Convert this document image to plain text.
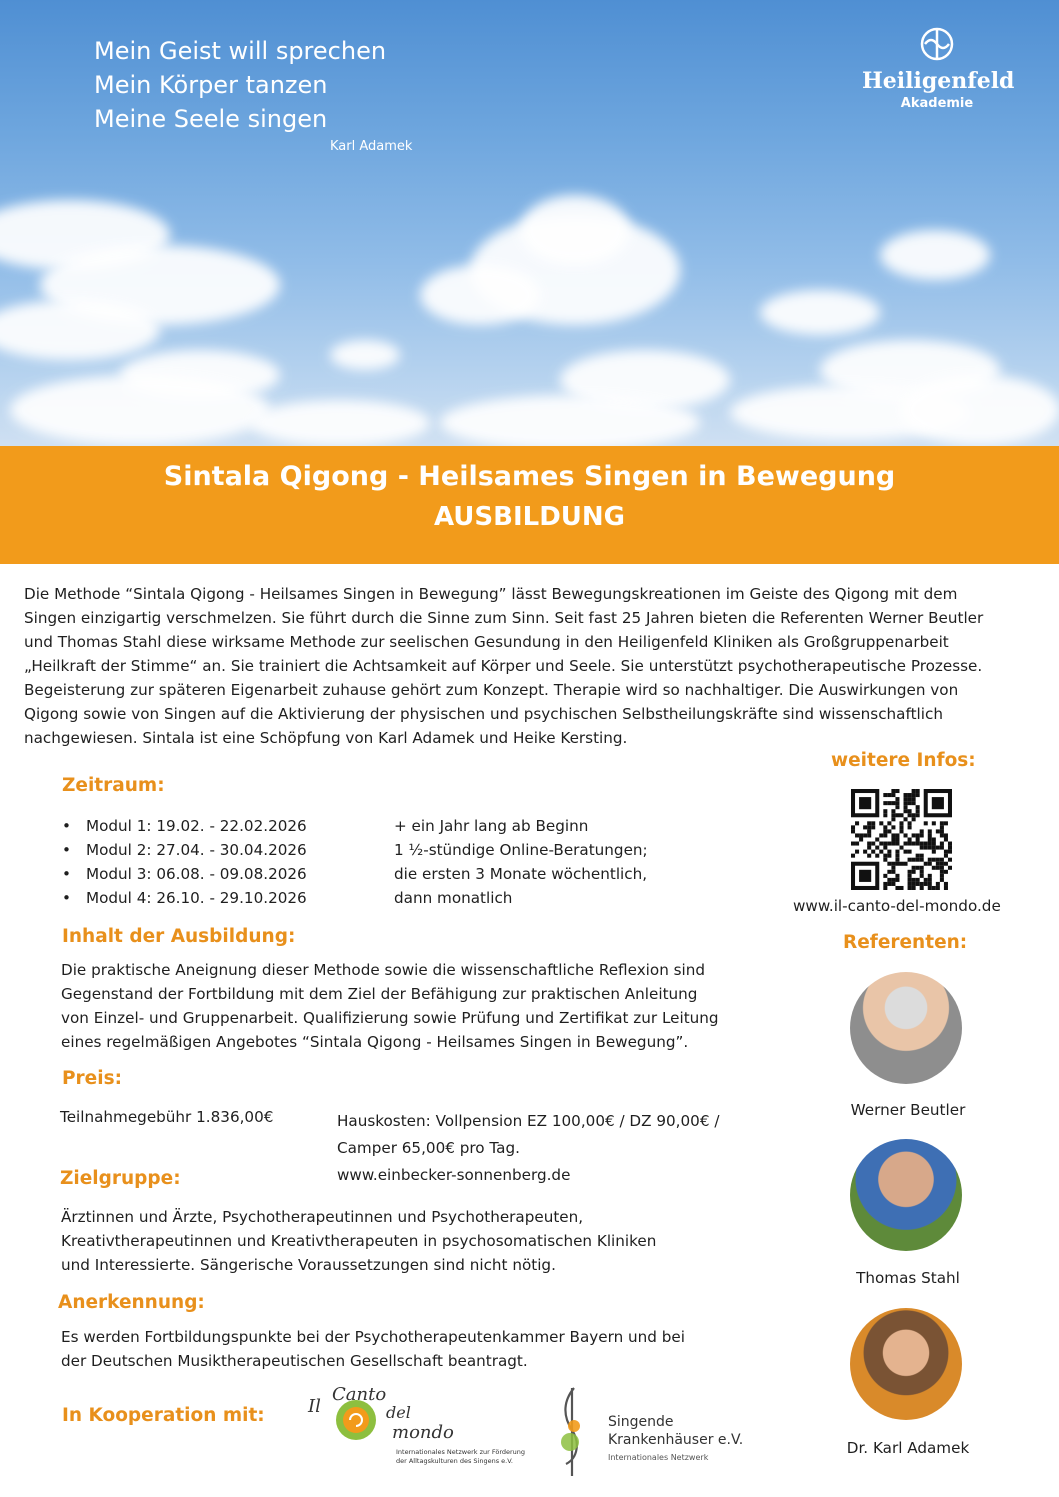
Mein Geist will sprechen
Mein Körper tanzen
Meine Seele singen
Karl Adamek
Heiligenfeld
Akademie
Sintala Qigong - Heilsames Singen in Bewegung
AUSBILDUNG
Die Methode “Sintala Qigong - Heilsames Singen in Bewegung” lässt Bewegungskreationen im Geiste des Qigong mit dem
Singen einzigartig verschmelzen. Sie führt durch die Sinne zum Sinn. Seit fast 25 Jahren bieten die Referenten Werner Beutler
und Thomas Stahl diese wirksame Methode zur seelischen Gesundung in den Heiligenfeld Kliniken als Großgruppenarbeit
„Heilkraft der Stimme“ an. Sie trainiert die Achtsamkeit auf Körper und Seele. Sie unterstützt psychotherapeutische Prozesse.
Begeisterung zur späteren Eigenarbeit zuhause gehört zum Konzept. Therapie wird so nachhaltiger. Die Auswirkungen von
Qigong sowie von Singen auf die Aktivierung der physischen und psychischen Selbstheilungskräfte sind wissenschaftlich
nachgewiesen. Sintala ist eine Schöpfung von Karl Adamek und Heike Kersting.
Zeitraum:
• Modul 1: 19.02. - 22.02.2026
• Modul 2: 27.04. - 30.04.2026
• Modul 3: 06.08. - 09.08.2026
• Modul 4: 26.10. - 29.10.2026
+ ein Jahr lang ab Beginn
1 ½-stündige Online-Beratungen;
die ersten 3 Monate wöchentlich,
dann monatlich
Inhalt der Ausbildung:
Die praktische Aneignung dieser Methode sowie die wissenschaftliche Reflexion sind
Gegenstand der Fortbildung mit dem Ziel der Befähigung zur praktischen Anleitung
von Einzel- und Gruppenarbeit. Qualifizierung sowie Prüfung und Zertifikat zur Leitung
eines regelmäßigen Angebotes “Sintala Qigong - Heilsames Singen in Bewegung”.
Preis:
Teilnahmegebühr 1.836,00€	Hauskosten: Vollpension EZ 100,00€ / DZ 90,00€ /
Camper 65,00€ pro Tag.
www.einbecker-sonnenberg.de
Zielgruppe:
Ärztinnen und Ärzte, Psychotherapeutinnen und Psychotherapeuten,
Kreativtherapeutinnen und Kreativtherapeuten in psychosomatischen Kliniken
und Interessierte. Sängerische Voraussetzungen sind nicht nötig.
Anerkennung:
Es werden Fortbildungspunkte bei der Psychotherapeutenkammer Bayern und bei
der Deutschen Musiktherapeutischen Gesellschaft beantragt.
In Kooperation mit: Il
Canto
del
mondo
Internationales Netzwerk zur Förderung
der Alltagskulturen des Singens e.V.
Singende
Krankenhäuser e.V.
Internationales Netzwerk
weitere Infos:
www.il-canto-del-mondo.de
Referenten:
Werner Beutler
Thomas Stahl
Dr. Karl Adamek
